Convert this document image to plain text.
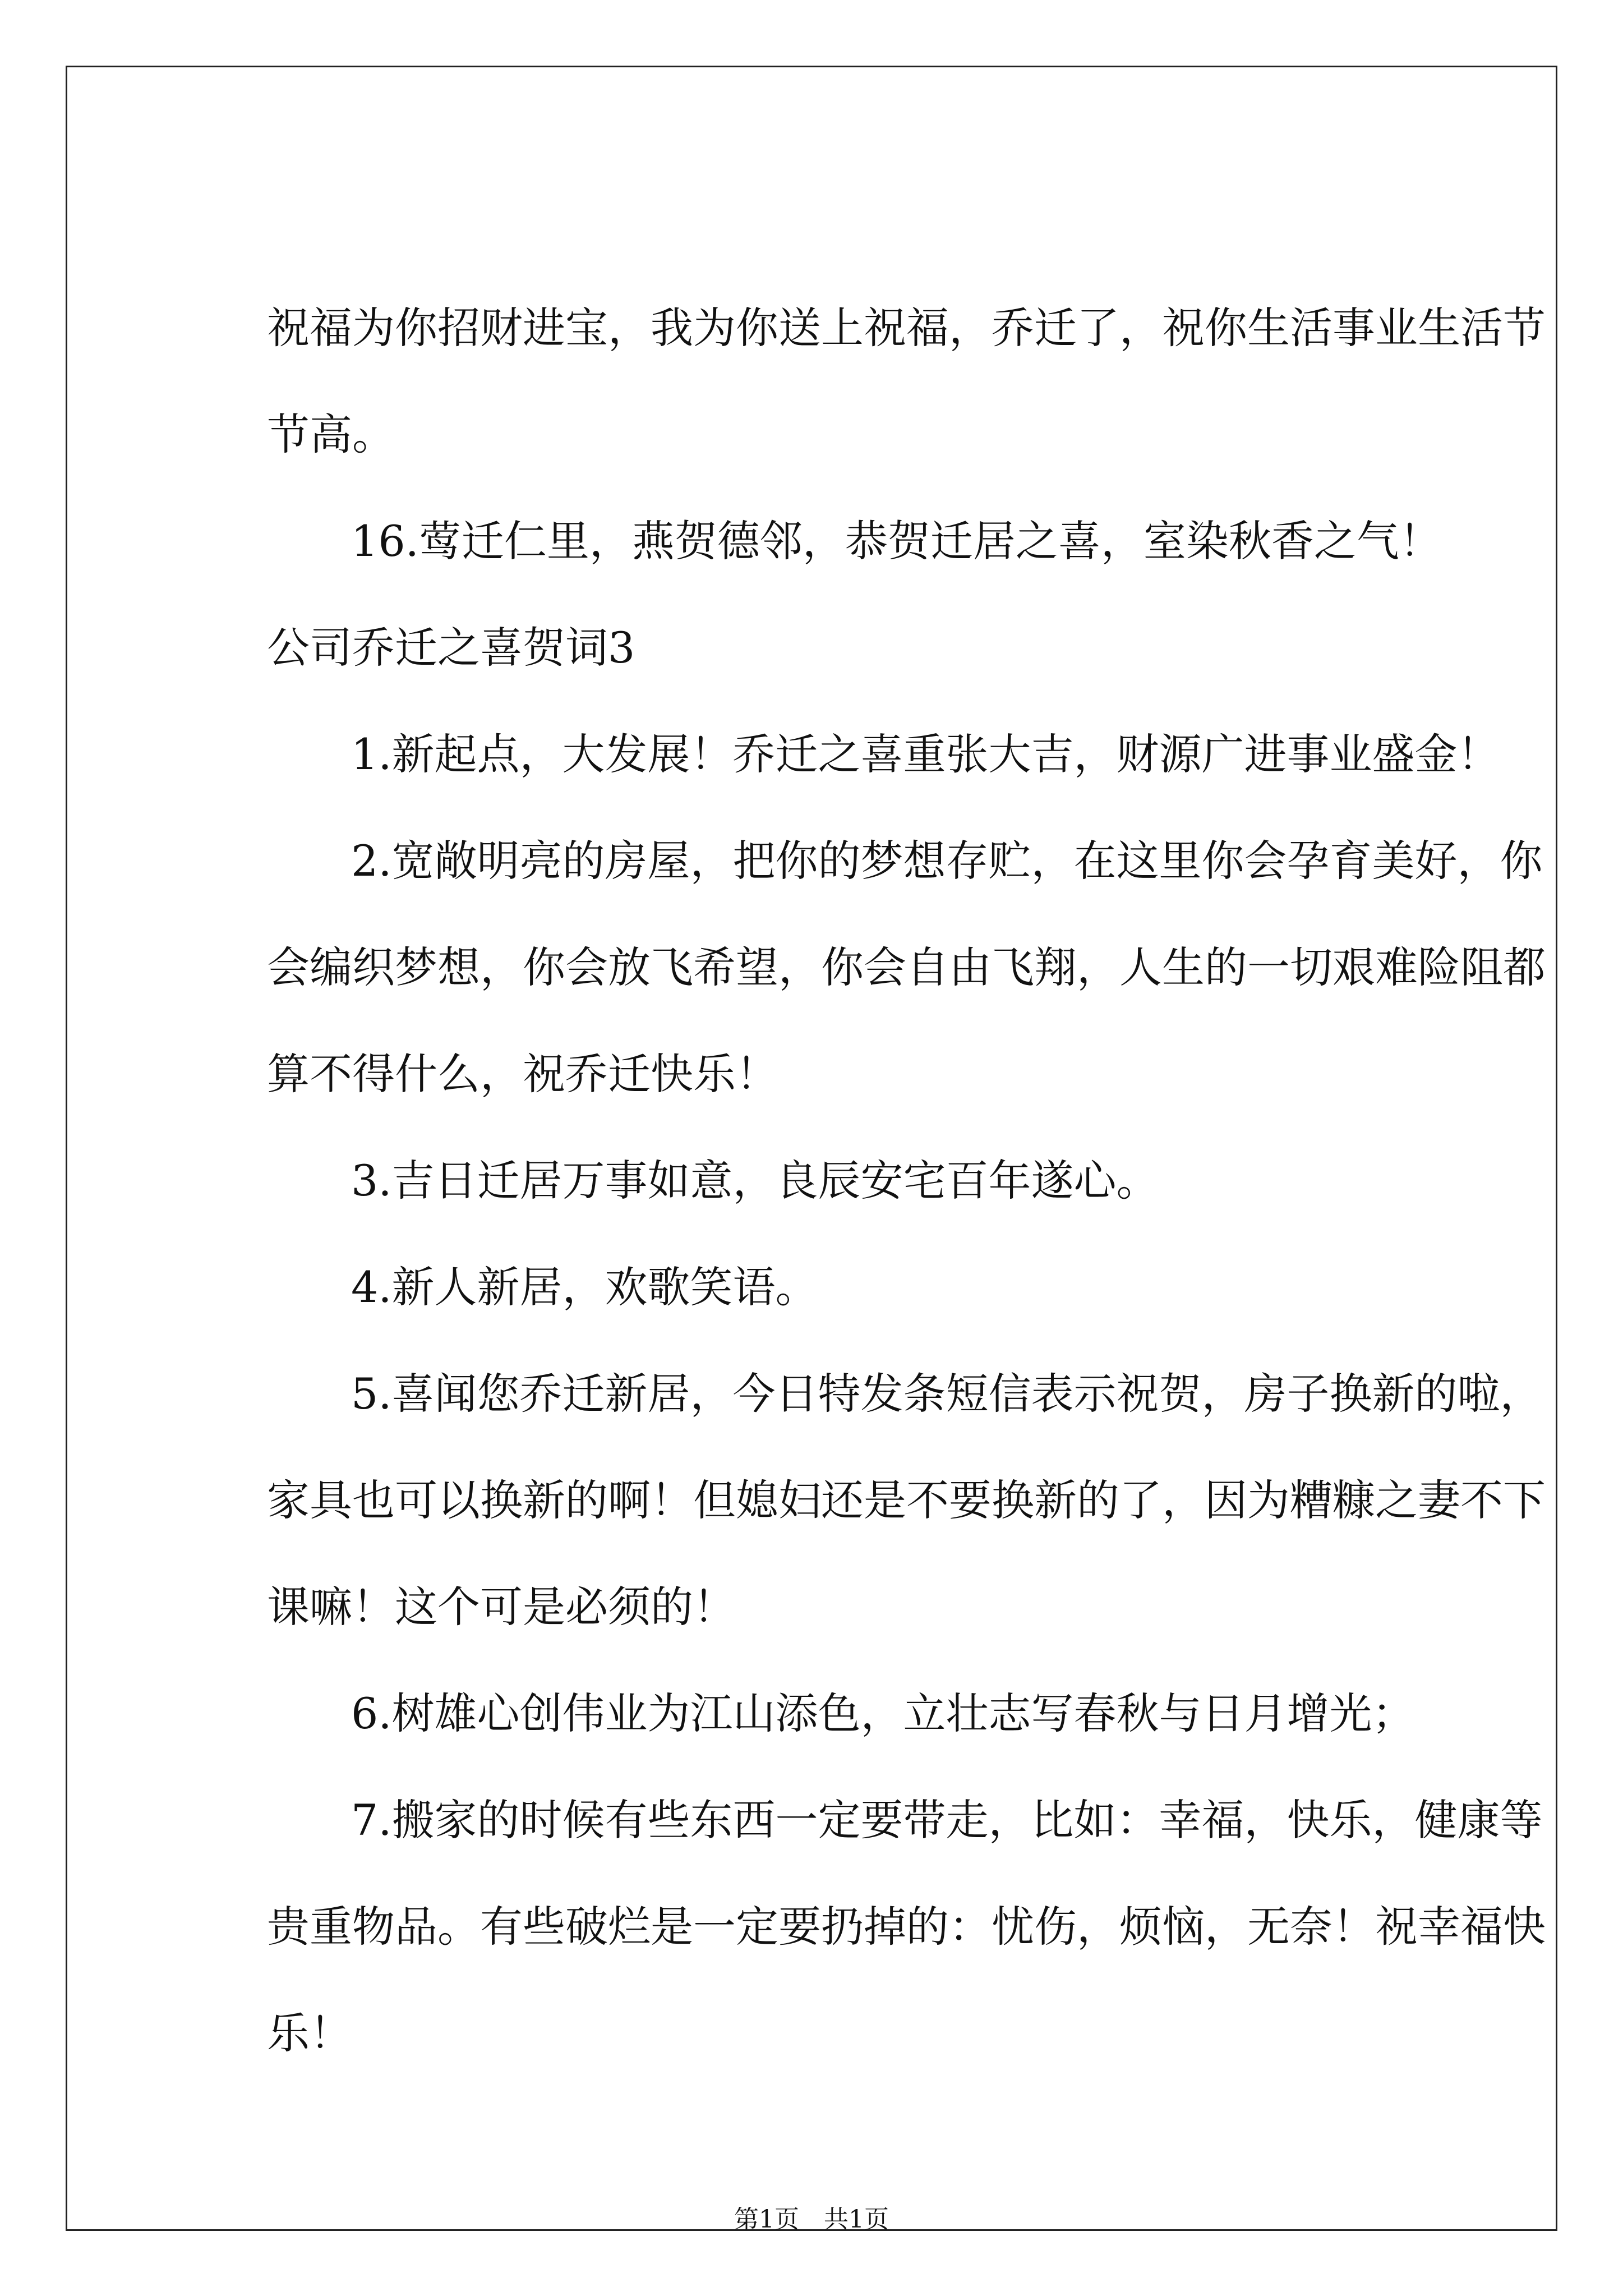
祝福为你招财进宝，我为你送上祝福，乔迁了，祝你生活事业生活节
节高。
16.莺迁仁里，燕贺德邻，恭贺迁居之喜，室染秋香之气！
公司乔迁之喜贺词3
1.新起点，大发展！乔迁之喜重张大吉，财源广进事业盛金！
2.宽敞明亮的房屋，把你的梦想存贮，在这里你会孕育美好，你
会编织梦想，你会放飞希望，你会自由飞翔，人生的一切艰难险阻都
算不得什么，祝乔迁快乐！
3.吉日迁居万事如意，良辰安宅百年遂心。
4.新人新居，欢歌笑语。
5.喜闻您乔迁新居，今日特发条短信表示祝贺，房子换新的啦，
家具也可以换新的啊！但媳妇还是不要换新的了，因为糟糠之妻不下
课嘛！这个可是必须的！
6.树雄心创伟业为江山添色，立壮志写春秋与日月增光；
7.搬家的时候有些东西一定要带走，比如：幸福，快乐，健康等
贵重物品。有些破烂是一定要扔掉的：忧伤，烦恼，无奈！祝幸福快
乐！
第1页　共1页
